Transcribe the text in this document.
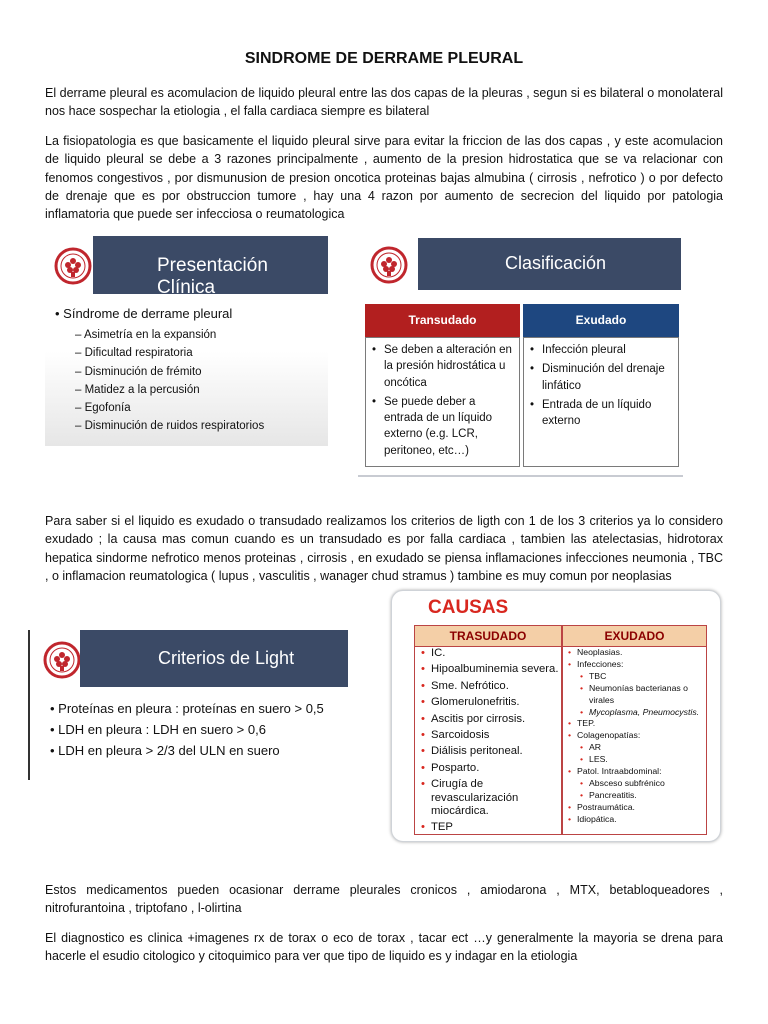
SINDROME DE DERRAME PLEURAL

El derrame pleural es acomulacion de liquido pleural entre las dos capas de la pleuras , segun si es bilateral o monolateral nos hace sospechar la etiologia , el falla cardiaca siempre es bilateral

La fisiopatologia es que basicamente el liquido pleural sirve para evitar la friccion de las dos capas , y este acomulacion de liquido pleural se debe a 3 razones principalmente , aumento de la presion hidrostatica que se va relacionar con fenomos congestivos , por dismunusion de presion oncotica proteinas bajas almubina ( cirrosis , nefrotico ) o por defecto de drenaje que es por obstruccion tumore , hay una 4 razon por aumento de secrecion del liquido por patologia inflamatoria que puede ser infecciosa o reumatologica

Presentación Clínica
• Síndrome de derrame pleural
– Asimetría en la expansión
– Dificultad respiratoria
– Disminución de frémito
– Matidez a la percusión
– Egofonía
– Disminución de ruidos respiratorios
Clasificación
Transudado	Exudado
• Se deben a alteración en la presión hidrostática u oncótica
• Se puede deber a entrada de un líquido externo (e.g. LCR, peritoneo, etc…)
• Infección pleural
• Disminución del drenaje linfático
• Entrada de un líquido externo

Para saber si el liquido es exudado o transudado realizamos los criterios de ligth con 1 de los 3 criterios ya lo considero exudado ; la causa mas comun cuando es un transudado es por falla cardiaca , tambien las atelectasias, hidrotorax hepatica sindorme nefrotico menos proteinas , cirrosis , en exudado se piensa inflamaciones infecciones neumonia , TBC , o inflamacion reumatologica ( lupus , vasculitis , wanager chud stramus ) tambine es muy comun por neoplasias

CAUSAS
TRASUDADO	EXUDADO
• IC.
• Hipoalbuminemia severa.
• Sme. Nefrótico.
• Glomerulonefritis.
• Ascitis por cirrosis.
• Sarcoidosis
• Diálisis peritoneal.
• Posparto.
• Cirugía de revascularización miocárdica.
• TEP
• Neoplasias.
• Infecciones:
• TBC
• Neumonías bacterianas o virales
• Mycoplasma, Pneumocystis.
• TEP.
• Colagenopatías:
• AR
• LES.
• Patol. Intraabdominal:
• Absceso subfrénico
• Pancreatitis.
• Postraumática.
• Idiopática.
Criterios de Light
• Proteínas en pleura : proteínas en suero > 0,5
• LDH en pleura : LDH en suero > 0,6
• LDH en pleura > 2/3 del ULN en suero

Estos medicamentos pueden ocasionar derrame pleurales cronicos , amiodarona , MTX, betabloqueadores , nitrofurantoina , triptofano , l-olirtina

El diagnostico es clinica +imagenes rx de torax o eco de torax , tacar ect …y generalmente la mayoria se drena para hacerle el esudio citologico y citoquimico para ver que tipo de liquido es y indagar en la etiologia
